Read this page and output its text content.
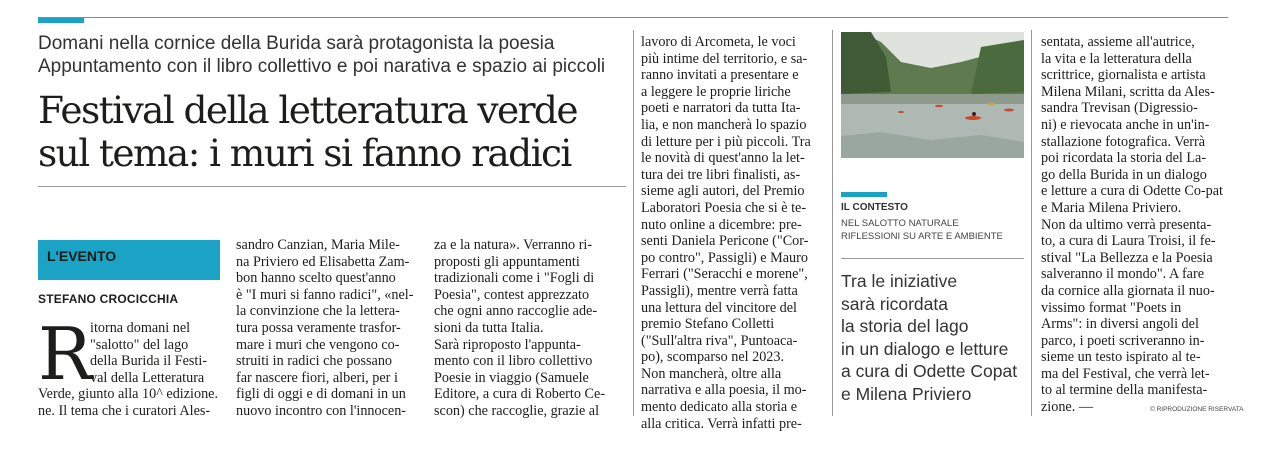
Domani nella cornice della Burida sarà protagonista la poesia
Appuntamento con il libro collettivo e poi narativa e spazio ai piccoli
Festival della letteratura verde
sul tema: i muri si fanno radici
L'EVENTO
STEFANO CROCICCHIA
R

itorna domani nel

"salotto" del lago

della Burida il Festi-

val della Letteratura

Verde, giunto alla 10^ edizione.

ne. Il tema che i curatori Ales-

sandro Canzian, Maria Mile-

na Priviero ed Elisabetta Zam-

bon hanno scelto quest'anno

è "I muri si fanno radici", «nel-

la convinzione che la lettera-

tura possa veramente trasfor-

mare i muri che vengono co-

struiti in radici che possano

far nascere fiori, alberi, per i

figli di oggi e di domani in un

nuovo incontro con l'innocen-

za e la natura». Verranno ri-

proposti gli appuntamenti

tradizionali come i "Fogli di

Poesia", contest apprezzato

che ogni anno raccoglie ade-

sioni da tutta Italia.

Sarà riproposto l'appunta-

mento con il libro collettivo

Poesie in viaggio (Samuele

Editore, a cura di Roberto Ce-

scon) che raccoglie, grazie al

lavoro di Arcometa, le voci

più intime del territorio, e sa-

ranno invitati a presentare e

a leggere le proprie liriche

poeti e narratori da tutta Ita-

lia, e non mancherà lo spazio

di letture per i più piccoli. Tra

le novità di quest'anno la let-

tura dei tre libri finalisti, as-

sieme agli autori, del Premio

Laboratori Poesia che si è te-

nuto online a dicembre: pre-

senti Daniela Pericone ("Cor-

po contro", Passigli) e Mauro

Ferrari ("Seracchi e morene",

Passigli), mentre verrà fatta

una lettura del vincitore del

premio Stefano Colletti

("Sull'altra riva", Puntoaca-

po), scomparso nel 2023.

Non mancherà, oltre alla

narrativa e alla poesia, il mo-

mento dedicato alla storia e

alla critica. Verrà infatti pre-

IL CONTESTO
NEL SALOTTO NATURALE
RIFLESSIONI SU ARTE E AMBIENTE
Tra le iniziative
sarà ricordata
la storia del lago
in un dialogo e letture
a cura di Odette Copat
e Milena Priviero

sentata, assieme all'autrice,

la vita e la letteratura della

scrittrice, giornalista e artista

Milena Milani, scritta da Ales-

sandra Trevisan (Digressio-

ni) e rievocata anche in un'in-

stallazione fotografica. Verrà

poi ricordata la storia del La-

go della Burida in un dialogo

e letture a cura di Odette Co-pat

e Maria Milena Priviero.

Non da ultimo verrà presenta-

to, a cura di Laura Troisi, il fe-

stival "La Bellezza e la Poesia

salveranno il mondo". A fare

da cornice alla giornata il nuo-

vissimo format "Poets in

Arms": in diversi angoli del

parco, i poeti scriveranno in-

sieme un testo ispirato al te-

ma del Festival, che verrà let-

to al termine della manifesta-

zione. —	© RIPRODUZIONE RISERVATA
